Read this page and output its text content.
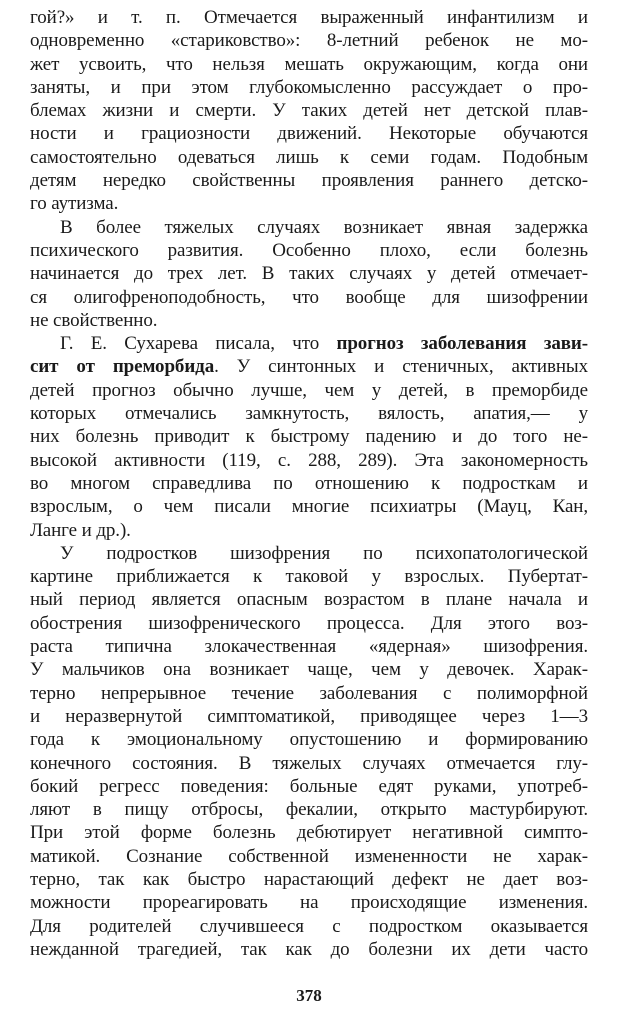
гой?» и т. п. Отмечается выраженный инфантилизм и
одновременно «стариковство»: 8-летний ребенок не мо-
жет усвоить, что нельзя мешать окружающим, когда они
заняты, и при этом глубокомысленно рассуждает о про-
блемах жизни и смерти. У таких детей нет детской плав-
ности и грациозности движений. Некоторые обучаются
самостоятельно одеваться лишь к семи годам. Подобным
детям нередко свойственны проявления раннего детско-
го аутизма.
В более тяжелых случаях возникает явная задержка
психического развития. Особенно плохо, если болезнь
начинается до трех лет. В таких случаях у детей отмечает-
ся олигофреноподобность, что вообще для шизофрении
не свойственно.
Г. Е. Сухарева писала, что прогноз заболевания зави-
сит от преморбида. У синтонных и стеничных, активных
детей прогноз обычно лучше, чем у детей, в преморбиде
которых отмечались замкнутость, вялость, апатия,— у
них болезнь приводит к быстрому падению и до того не-
высокой активности (119, с. 288, 289). Эта закономерность
во многом справедлива по отношению к подросткам и
взрослым, о чем писали многие психиатры (Мауц, Кан,
Ланге и др.).
У подростков шизофрения по психопатологической
картине приближается к таковой у взрослых. Пубертат-
ный период является опасным возрастом в плане начала и
обострения шизофренического процесса. Для этого воз-
раста типична злокачественная «ядерная» шизофрения.
У мальчиков она возникает чаще, чем у девочек. Харак-
терно непрерывное течение заболевания с полиморфной
и неразвернутой симптоматикой, приводящее через 1—3
года к эмоциональному опустошению и формированию
конечного состояния. В тяжелых случаях отмечается глу-
бокий регресс поведения: больные едят руками, употреб-
ляют в пищу отбросы, фекалии, открыто мастурбируют.
При этой форме болезнь дебютирует негативной симпто-
матикой. Сознание собственной измененности не харак-
терно, так как быстро нарастающий дефект не дает воз-
можности прореагировать на происходящие изменения.
Для родителей случившееся с подростком оказывается
нежданной трагедией, так как до болезни их дети часто
378
